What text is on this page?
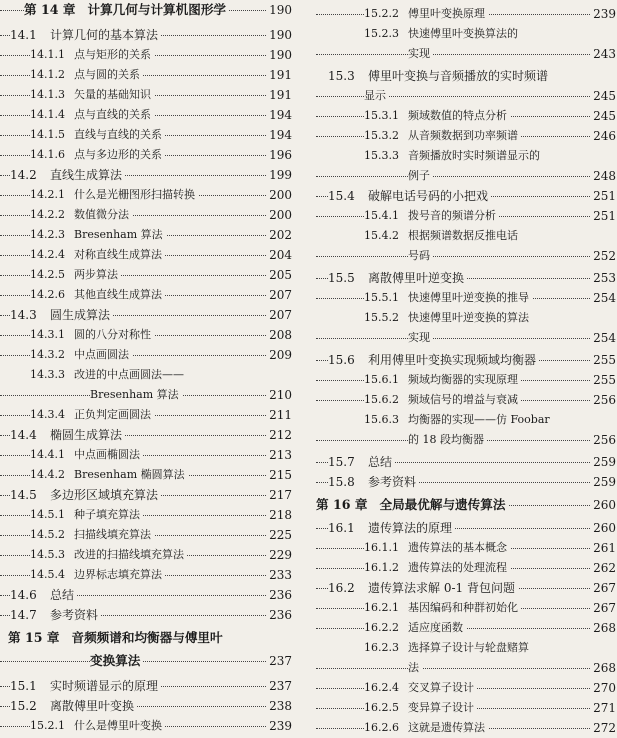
第 14 章 计算几何与计算机图形学	190
14.1 计算几何的基本算法	190
14.1.1 点与矩形的关系	190
14.1.2 点与圆的关系	191
14.1.3 矢量的基础知识	191
14.1.4 点与直线的关系	194
14.1.5 直线与直线的关系	194
14.1.6 点与多边形的关系	196
14.2 直线生成算法	199
14.2.1 什么是光栅图形扫描转换	200
14.2.2 数值微分法	200
14.2.3 Bresenham 算法	202
14.2.4 对称直线生成算法	204
14.2.5 两步算法	205
14.2.6 其他直线生成算法	207
14.3 圆生成算法	207
14.3.1 圆的八分对称性	208
14.3.2 中点画圆法	209
14.3.3 改进的中点画圆法——
Bresenham 算法	210
14.3.4 正负判定画圆法	211
14.4 椭圆生成算法	212
14.4.1 中点画椭圆法	213
14.4.2 Bresenham 椭圆算法	215
14.5 多边形区域填充算法	217
14.5.1 种子填充算法	218
14.5.2 扫描线填充算法	225
14.5.3 改进的扫描线填充算法	229
14.5.4 边界标志填充算法	233
14.6 总结	236
14.7 参考资料	236
第 15 章 音频频谱和均衡器与傅里叶
变换算法	237
15.1 实时频谱显示的原理	237
15.2 离散傅里叶变换	238
15.2.1 什么是傅里叶变换	239
15.2.2 傅里叶变换原理	239
15.2.3 快速傅里叶变换算法的
实现	243
15.3 傅里叶变换与音频播放的实时频谱
显示	245
15.3.1 频域数值的特点分析	245
15.3.2 从音频数据到功率频谱	246
15.3.3 音频播放时实时频谱显示的
例子	248
15.4 破解电话号码的小把戏	251
15.4.1 拨号音的频谱分析	251
15.4.2 根据频谱数据反推电话
号码	252
15.5 离散傅里叶逆变换	253
15.5.1 快速傅里叶逆变换的推导	254
15.5.2 快速傅里叶逆变换的算法
实现	254
15.6 利用傅里叶变换实现频域均衡器	255
15.6.1 频域均衡器的实现原理	255
15.6.2 频域信号的增益与衰减	256
15.6.3 均衡器的实现——仿 Foobar
的 18 段均衡器	256
15.7 总结	259
15.8 参考资料	259
第 16 章 全局最优解与遗传算法	260
16.1 遗传算法的原理	260
16.1.1 遗传算法的基本概念	261
16.1.2 遗传算法的处理流程	262
16.2 遗传算法求解 0-1 背包问题	267
16.2.1 基因编码和种群初始化	267
16.2.2 适应度函数	268
16.2.3 选择算子设计与轮盘赌算
法	268
16.2.4 交叉算子设计	270
16.2.5 变异算子设计	271
16.2.6 这就是遗传算法	272
